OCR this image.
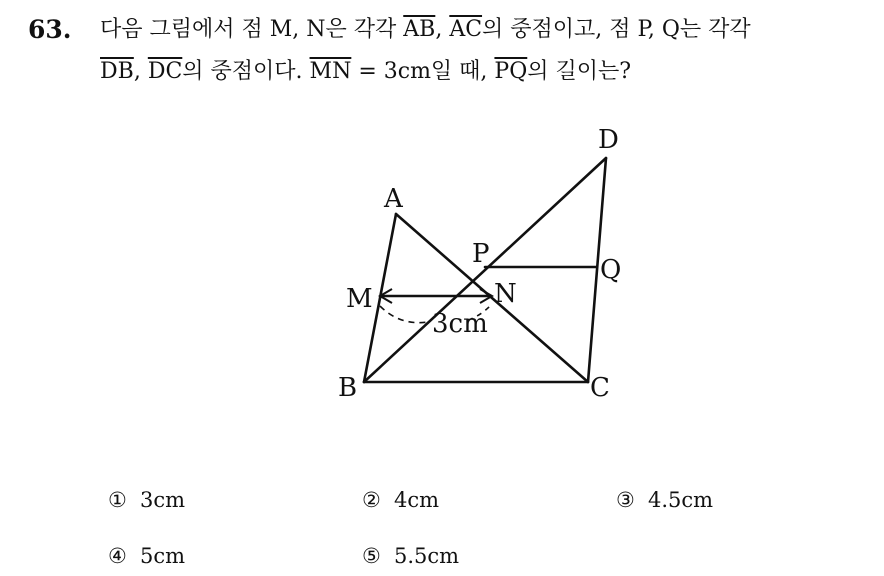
63. 다음 그림에서 점 M, N은 각각 $\overline{AB}$, $\overline{AC}$의 중점이고, 점 P, Q는 각각
$\overline{DB}$, $\overline{DC}$의 중점이다. $\overline{MN} = 3cm$일 때, $\overline{PQ}$의 길이는?
A
B	C
D
M	N
P
Q
3cm
① 3cm	② 4cm	③ 4.5cm
④ 5cm	⑤ 5.5cm
